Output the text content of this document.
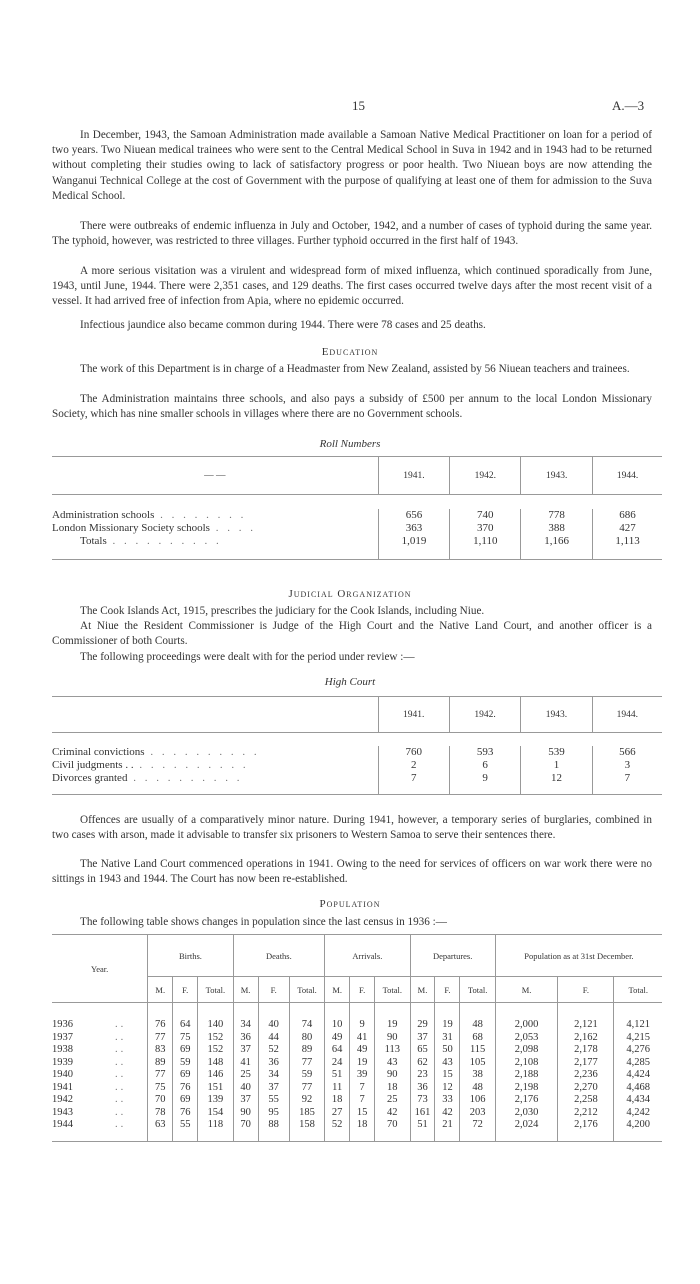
15	A.—3

In December, 1943, the Samoan Administration made available a Samoan Native Medical Practitioner on loan for a period of two years. Two Niuean medical trainees who were sent to the Central Medical School in Suva in 1942 and in 1943 had to be returned without completing their studies owing to lack of satisfactory progress or poor health. Two Niuean boys are now attending the Wanganui Technical College at the cost of Government with the purpose of qualifying at least one of them for admission to the Suva Medical School.

There were outbreaks of endemic influenza in July and October, 1942, and a number of cases of typhoid during the same year. The typhoid, however, was restricted to three villages. Further typhoid occurred in the first half of 1943.

A more serious visitation was a virulent and widespread form of mixed influenza, which continued sporadically from June, 1943, until June, 1944. There were 2,351 cases, and 129 deaths. The first cases occurred twelve days after the most recent visit of a vessel. It had arrived free of infection from Apia, where no epidemic occurred.

Infectious jaundice also became common during 1944. There were 78 cases and 25 deaths.

Education

The work of this Department is in charge of a Headmaster from New Zealand, assisted by 56 Niuean teachers and trainees.

The Administration maintains three schools, and also pays a subsidy of £500 per annum to the local London Missionary Society, which has nine smaller schools in villages where there are no Government schools.

Roll Numbers

— —	1941.	1942.	1943.	1944.

Administration schools . . . . . . . .	656	740	778	686
London Missionary Society schools . . . .	363	370	388	427
Totals . . . . . . . . . .	1,019	1,110	1,166	1,113

Judicial Organization

The Cook Islands Act, 1915, prescribes the judiciary for the Cook Islands, including Niue.

At Niue the Resident Commissioner is Judge of the High Court and the Native Land Court, and another officer is a Commissioner of both Courts.

The following proceedings were dealt with for the period under review :—

High Court

	1941.	1942.	1943.	1944.

Criminal convictions . . . . . . . . . .	760	593	539	566
Civil judgments . . . . . . . . . . . .	2	6	1	3
Divorces granted . . . . . . . . . .	7	9	12	7

Offences are usually of a comparatively minor nature. During 1941, however, a temporary series of burglaries, combined in two cases with arson, made it advisable to transfer six prisoners to Western Samoa to serve their sentences there.

The Native Land Court commenced operations in 1941. Owing to the need for services of officers on war work there were no sittings in 1943 and 1944. The Court has now been re-established.

Population

The following table shows changes in population since the last census in 1936 :—

Year.	Births.			Deaths.			Arrivals.			Departures.			Population as at 31st December.		
	M.	F.	Total.	M.	F.	Total.	M.	F.	Total.	M.	F.	Total.	M.	F.	Total.

1936 ..	76	64	140	34	40	74	10	9	19	29	19	48	2,000	2,121	4,121
1937 ..	77	75	152	36	44	80	49	41	90	37	31	68	2,053	2,162	4,215
1938 ..	83	69	152	37	52	89	64	49	113	65	50	115	2,098	2,178	4,276
1939 ..	89	59	148	41	36	77	24	19	43	62	43	105	2,108	2,177	4,285
1940 ..	77	69	146	25	34	59	51	39	90	23	15	38	2,188	2,236	4,424
1941 ..	75	76	151	40	37	77	11	7	18	36	12	48	2,198	2,270	4,468
1942 ..	70	69	139	37	55	92	18	7	25	73	33	106	2,176	2,258	4,434
1943 ..	78	76	154	90	95	185	27	15	42	161	42	203	2,030	2,212	4,242
1944 ..	63	55	118	70	88	158	52	18	70	51	21	72	2,024	2,176	4,200
